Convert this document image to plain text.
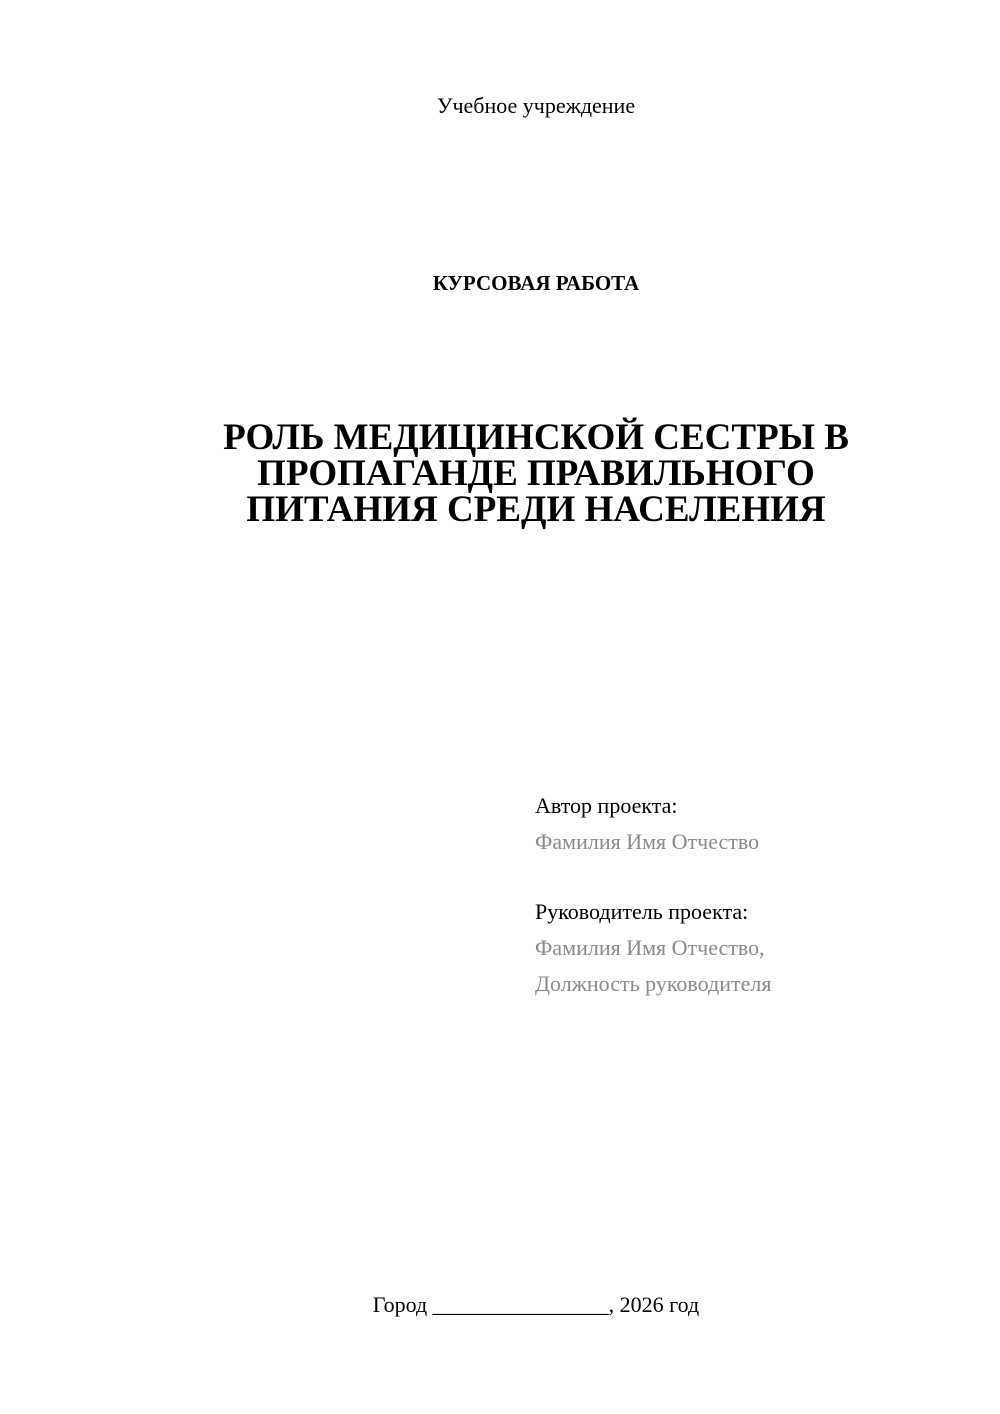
Учебное учреждение
КУРСОВАЯ РАБОТА
РОЛЬ МЕДИЦИНСКОЙ СЕСТРЫ В
ПРОПАГАНДЕ ПРАВИЛЬНОГО
ПИТАНИЯ СРЕДИ НАСЕЛЕНИЯ
Автор проекта:
Фамилия Имя Отчество
Руководитель проекта:
Фамилия Имя Отчество,
Должность руководителя
Город ________________, 2026 год
